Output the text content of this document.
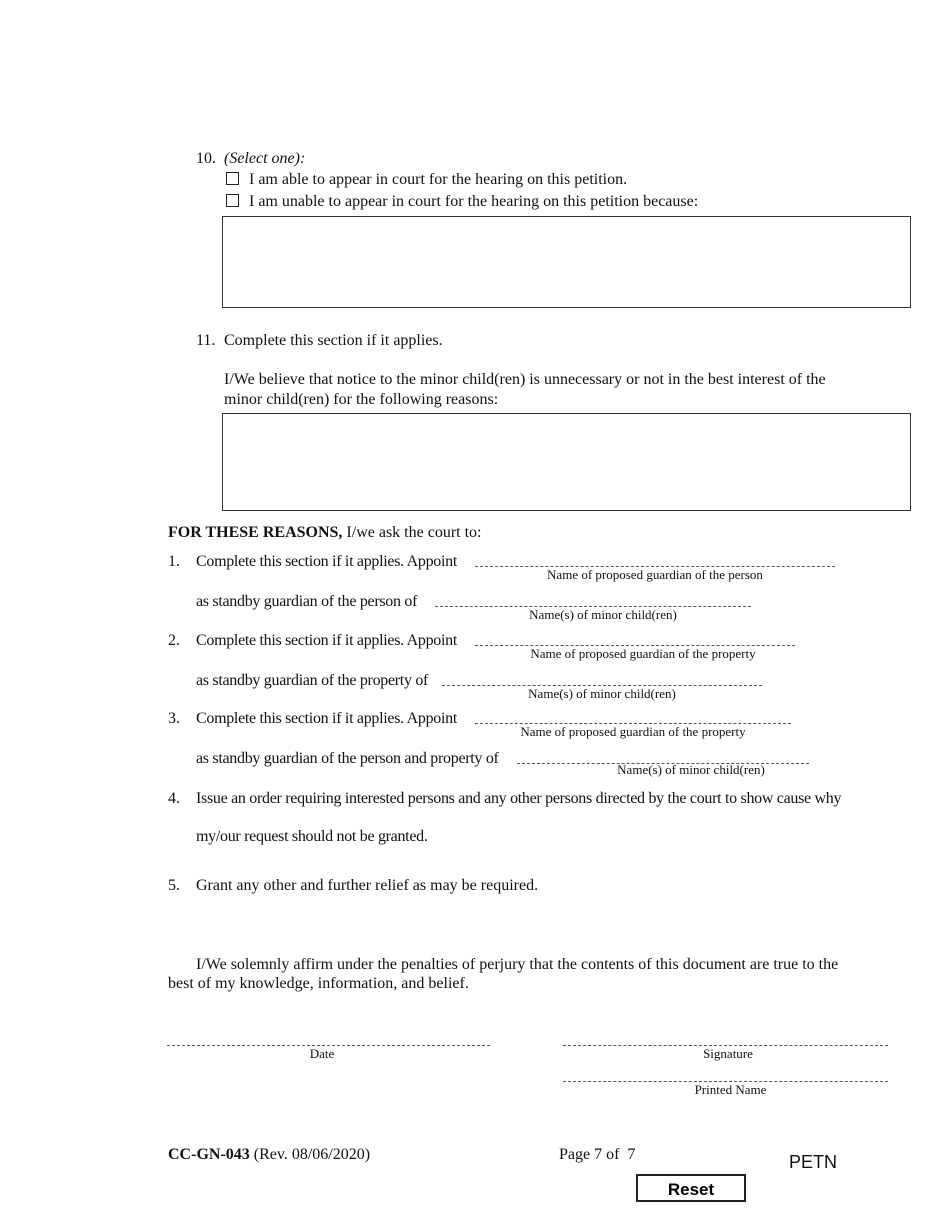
10. (Select one):
I am able to appear in court for the hearing on this petition.
I am unable to appear in court for the hearing on this petition because:
11. Complete this section if it applies.
I/We believe that notice to the minor child(ren) is unnecessary or not in the best interest of the
minor child(ren) for the following reasons:
FOR THESE REASONS, I/we ask the court to:
1. Complete this section if it applies. Appoint
Name of proposed guardian of the person
as standby guardian of the person of
Name(s) of minor child(ren)
2. Complete this section if it applies. Appoint
Name of proposed guardian of the property
as standby guardian of the property of
Name(s) of minor child(ren)
3. Complete this section if it applies. Appoint
Name of proposed guardian of the property
as standby guardian of the person and property of
Name(s) of minor child(ren)
4. Issue an order requiring interested persons and any other persons directed by the court to show cause why
my/our request should not be granted.
5. Grant any other and further relief as may be required.
I/We solemnly affirm under the penalties of perjury that the contents of this document are true to the
best of my knowledge, information, and belief.
Date	Signature
Printed Name
CC-GN-043 (Rev. 08/06/2020)	Page 7 of  7	PETN
Reset
